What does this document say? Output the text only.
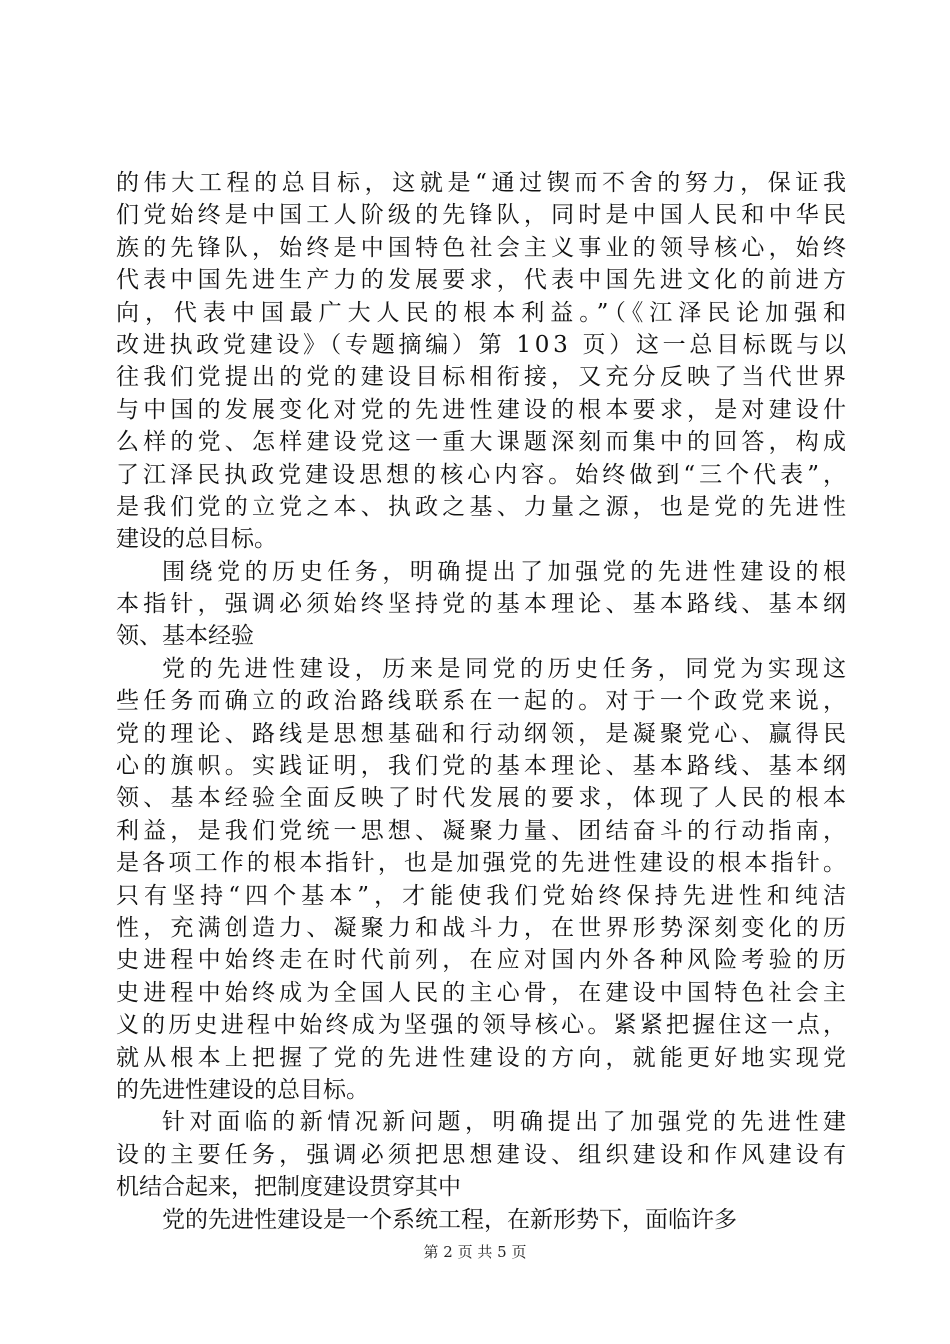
的伟大工程的总目标，这就是“通过锲而不舍的努力，保证我
们党始终是中国工人阶级的先锋队，同时是中国人民和中华民
族的先锋队，始终是中国特色社会主义事业的领导核心，始终
代表中国先进生产力的发展要求，代表中国先进文化的前进方
向，代表中国最广大人民的根本利益。”（《江泽民论加强和
改进执政党建设》（专题摘编）第 103 页）这一总目标既与以
往我们党提出的党的建设目标相衔接，又充分反映了当代世界
与中国的发展变化对党的先进性建设的根本要求，是对建设什
么样的党、怎样建设党这一重大课题深刻而集中的回答，构成
了江泽民执政党建设思想的核心内容。始终做到“三个代表”，
是我们党的立党之本、执政之基、力量之源，也是党的先进性
建设的总目标。
围绕党的历史任务，明确提出了加强党的先进性建设的根
本指针，强调必须始终坚持党的基本理论、基本路线、基本纲
领、基本经验
党的先进性建设，历来是同党的历史任务，同党为实现这
些任务而确立的政治路线联系在一起的。对于一个政党来说，
党的理论、路线是思想基础和行动纲领，是凝聚党心、赢得民
心的旗帜。实践证明，我们党的基本理论、基本路线、基本纲
领、基本经验全面反映了时代发展的要求，体现了人民的根本
利益，是我们党统一思想、凝聚力量、团结奋斗的行动指南，
是各项工作的根本指针，也是加强党的先进性建设的根本指针。
只有坚持“四个基本”，才能使我们党始终保持先进性和纯洁
性，充满创造力、凝聚力和战斗力，在世界形势深刻变化的历
史进程中始终走在时代前列，在应对国内外各种风险考验的历
史进程中始终成为全国人民的主心骨，在建设中国特色社会主
义的历史进程中始终成为坚强的领导核心。紧紧把握住这一点，
就从根本上把握了党的先进性建设的方向，就能更好地实现党
的先进性建设的总目标。
针对面临的新情况新问题，明确提出了加强党的先进性建
设的主要任务，强调必须把思想建设、组织建设和作风建设有
机结合起来，把制度建设贯穿其中
党的先进性建设是一个系统工程，在新形势下，面临许多
第 2 页 共 5 页
